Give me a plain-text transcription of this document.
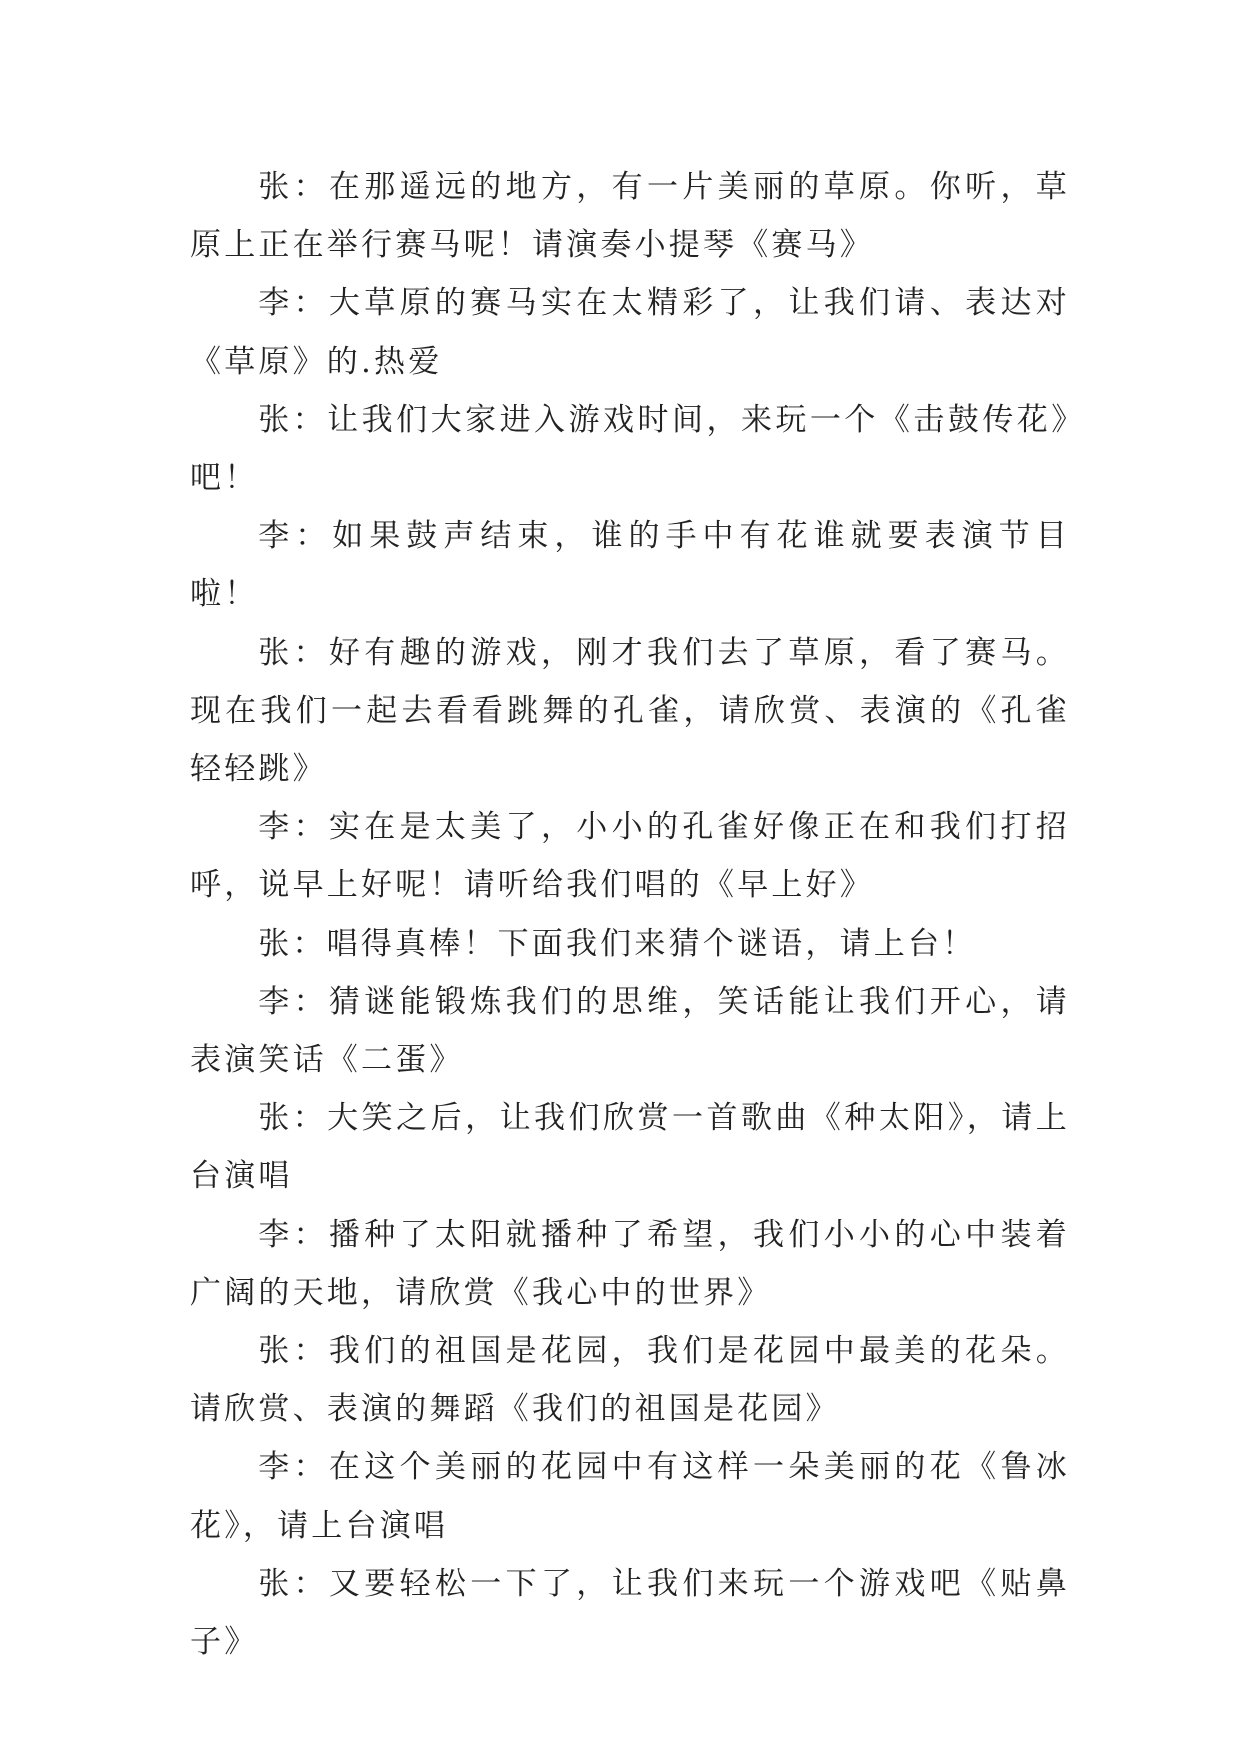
张：在那遥远的地方，有一片美丽的草原。你听，草原上正在举行赛马呢！请演奏小提琴《赛马》

李：大草原的赛马实在太精彩了，让我们请、表达对《草原》的.热爱

张：让我们大家进入游戏时间，来玩一个《击鼓传花》吧！

李：如果鼓声结束，谁的手中有花谁就要表演节目啦！

张：好有趣的游戏，刚才我们去了草原，看了赛马。现在我们一起去看看跳舞的孔雀，请欣赏、表演的《孔雀轻轻跳》

李：实在是太美了，小小的孔雀好像正在和我们打招呼，说早上好呢！请听给我们唱的《早上好》

张：唱得真棒！下面我们来猜个谜语，请上台！

李：猜谜能锻炼我们的思维，笑话能让我们开心，请表演笑话《二蛋》

张：大笑之后，让我们欣赏一首歌曲《种太阳》，请上台演唱

李：播种了太阳就播种了希望，我们小小的心中装着广阔的天地，请欣赏《我心中的世界》

张：我们的祖国是花园，我们是花园中最美的花朵。请欣赏、表演的舞蹈《我们的祖国是花园》

李：在这个美丽的花园中有这样一朵美丽的花《鲁冰花》，请上台演唱

张：又要轻松一下了，让我们来玩一个游戏吧《贴鼻子》
